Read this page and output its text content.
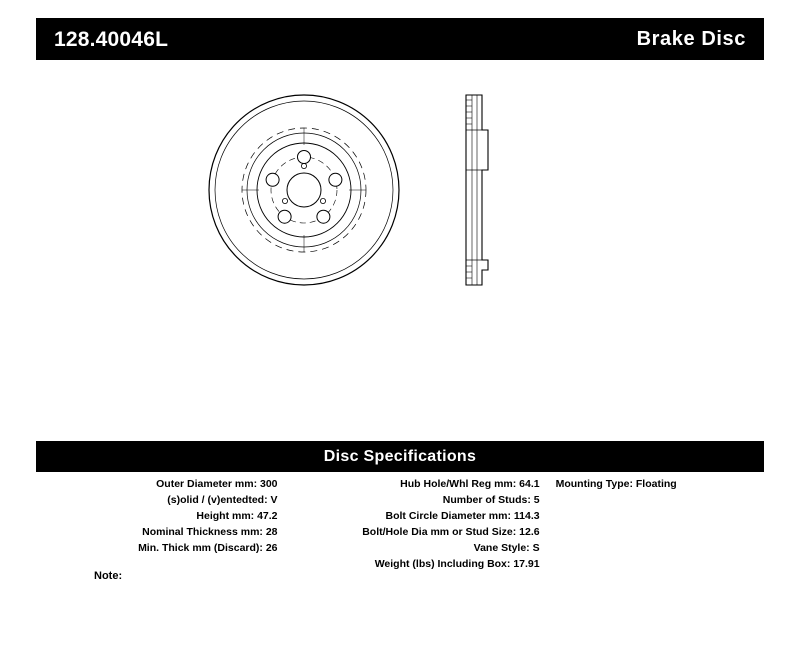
128.40046L	Brake Disc
Disc Specifications
Outer Diameter mm: 300
(s)olid / (v)entedted: V
Height mm: 47.2
Nominal Thickness mm: 28
Min. Thick mm (Discard): 26
Hub Hole/Whl Reg mm: 64.1
Number of Studs: 5
Bolt Circle Diameter mm: 114.3
Bolt/Hole Dia mm or Stud Size: 12.6
Vane Style: S
Weight (lbs) Including Box: 17.91
Mounting Type: Floating
Note:
